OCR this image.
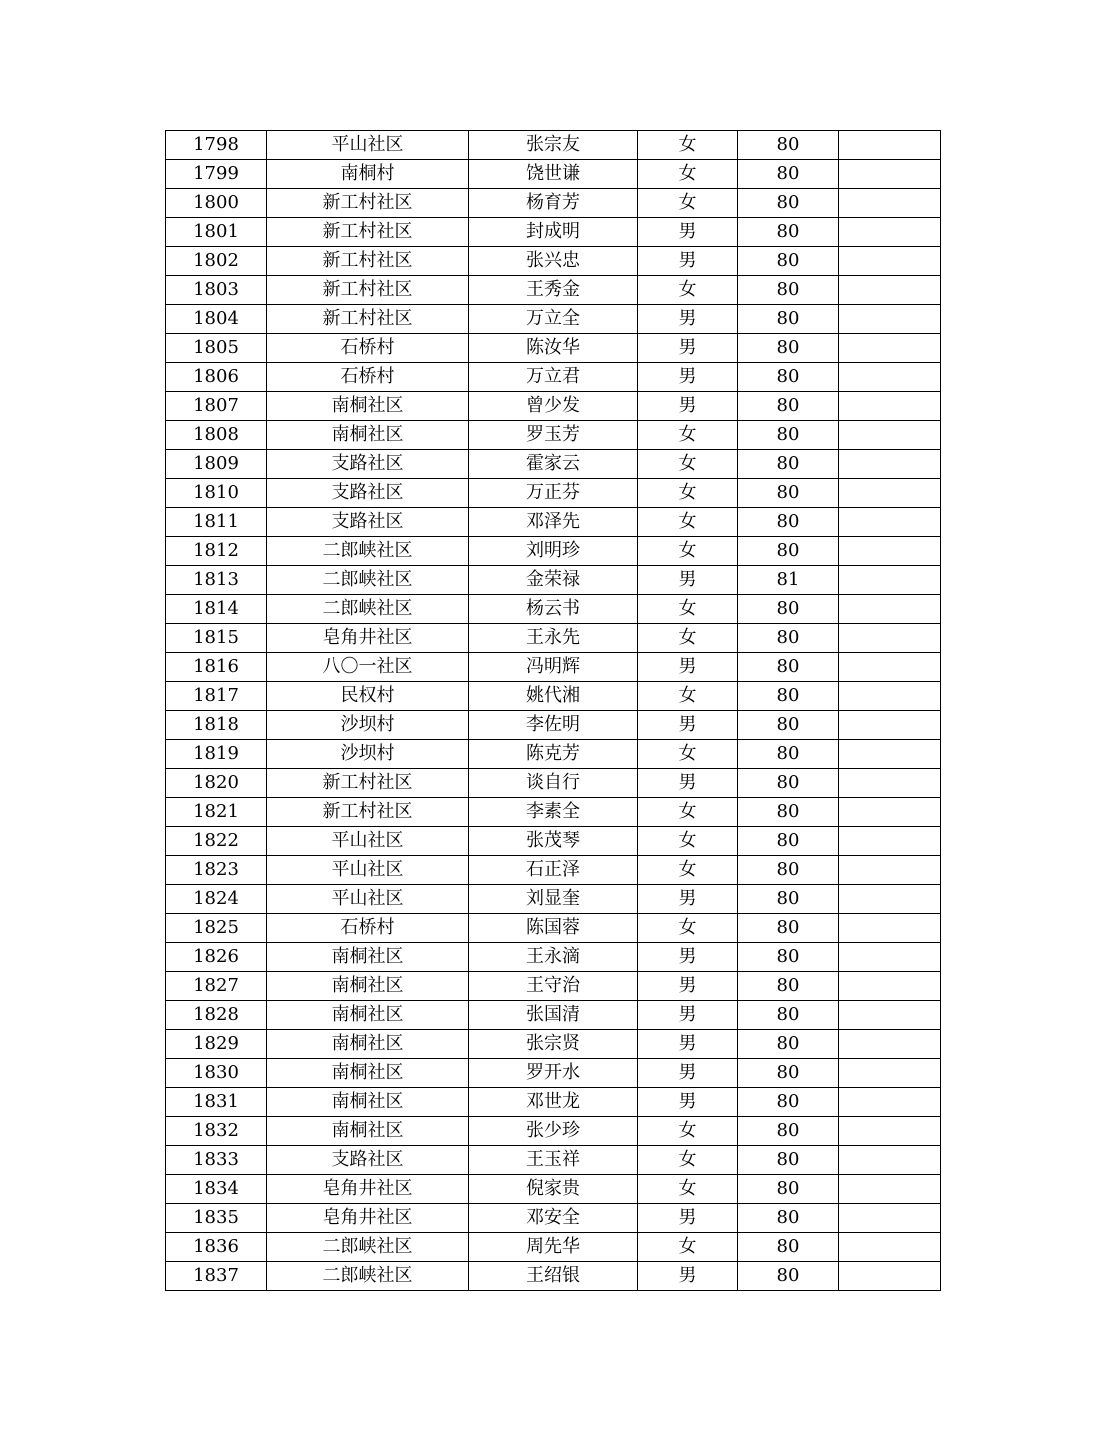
1798	平山社区	张宗友	女	80	
1799	南桐村	饶世谦	女	80	
1800	新工村社区	杨育芳	女	80	
1801	新工村社区	封成明	男	80	
1802	新工村社区	张兴忠	男	80	
1803	新工村社区	王秀金	女	80	
1804	新工村社区	万立全	男	80	
1805	石桥村	陈汝华	男	80	
1806	石桥村	万立君	男	80	
1807	南桐社区	曾少发	男	80	
1808	南桐社区	罗玉芳	女	80	
1809	支路社区	霍家云	女	80	
1810	支路社区	万正芬	女	80	
1811	支路社区	邓泽先	女	80	
1812	二郎峡社区	刘明珍	女	80	
1813	二郎峡社区	金荣禄	男	81	
1814	二郎峡社区	杨云书	女	80	
1815	皂角井社区	王永先	女	80	
1816	八〇一社区	冯明辉	男	80	
1817	民权村	姚代湘	女	80	
1818	沙坝村	李佐明	男	80	
1819	沙坝村	陈克芳	女	80	
1820	新工村社区	谈自行	男	80	
1821	新工村社区	李素全	女	80	
1822	平山社区	张茂琴	女	80	
1823	平山社区	石正泽	女	80	
1824	平山社区	刘显奎	男	80	
1825	石桥村	陈国蓉	女	80	
1826	南桐社区	王永滴	男	80	
1827	南桐社区	王守治	男	80	
1828	南桐社区	张国清	男	80	
1829	南桐社区	张宗贤	男	80	
1830	南桐社区	罗开水	男	80	
1831	南桐社区	邓世龙	男	80	
1832	南桐社区	张少珍	女	80	
1833	支路社区	王玉祥	女	80	
1834	皂角井社区	倪家贵	女	80	
1835	皂角井社区	邓安全	男	80	
1836	二郎峡社区	周先华	女	80	
1837	二郎峡社区	王绍银	男	80	
